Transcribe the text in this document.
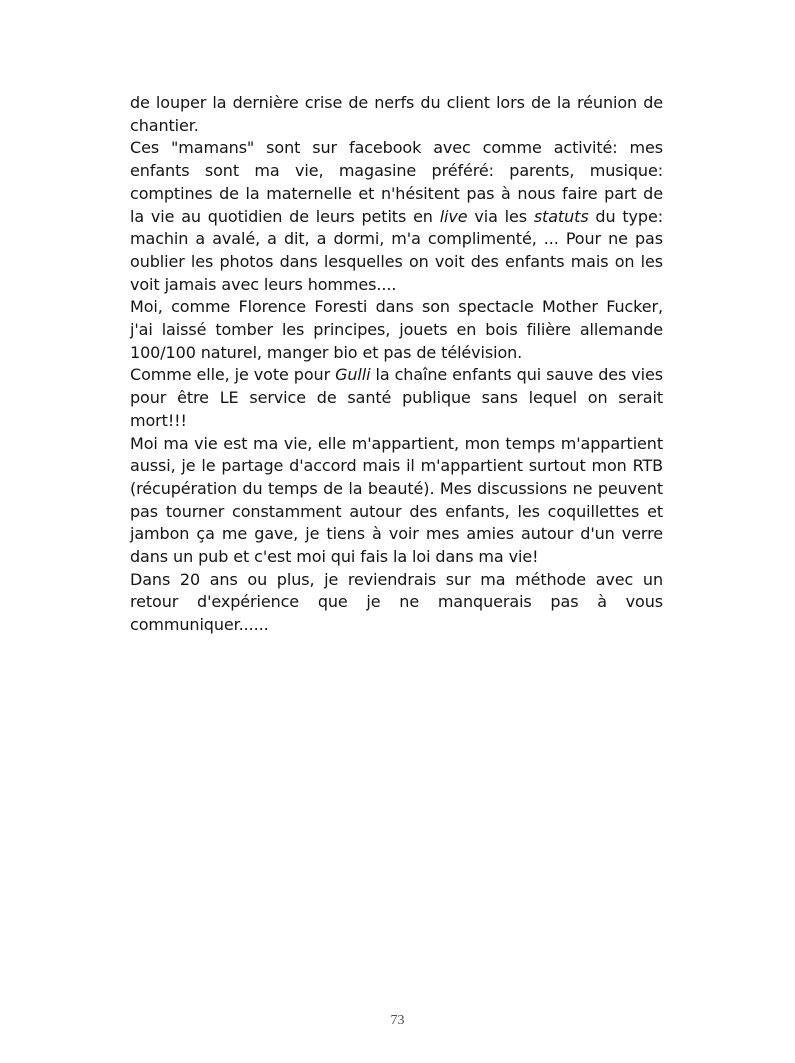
de louper la dernière crise de nerfs du client lors de la réunion de chantier.

Ces "mamans" sont sur facebook avec comme activité: mes enfants sont ma vie, magasine préféré: parents, musique: comptines de la maternelle et n'hésitent pas à nous faire part de la vie au quotidien de leurs petits en live via les statuts du type: machin a avalé, a dit, a dormi, m'a complimenté, ... Pour ne pas oublier les photos dans lesquelles on voit des enfants mais on les voit jamais avec leurs hommes....

Moi, comme Florence Foresti dans son spectacle Mother Fucker, j'ai laissé tomber les principes, jouets en bois filière allemande 100/100 naturel, manger bio et pas de télévision.

Comme elle, je vote pour Gulli la chaîne enfants qui sauve des vies pour être LE service de santé publique sans lequel on serait mort!!!

Moi ma vie est ma vie, elle m'appartient, mon temps m'appartient aussi, je le partage d'accord mais il m'appartient surtout mon RTB (récupération du temps de la beauté). Mes discussions ne peuvent pas tourner constamment autour des enfants, les coquillettes et jambon ça me gave, je tiens à voir mes amies autour d'un verre dans un pub et c'est moi qui fais la loi dans ma vie!

Dans 20 ans ou plus, je reviendrais sur ma méthode avec un retour d'expérience que je ne manquerais pas à vous communiquer......

73
